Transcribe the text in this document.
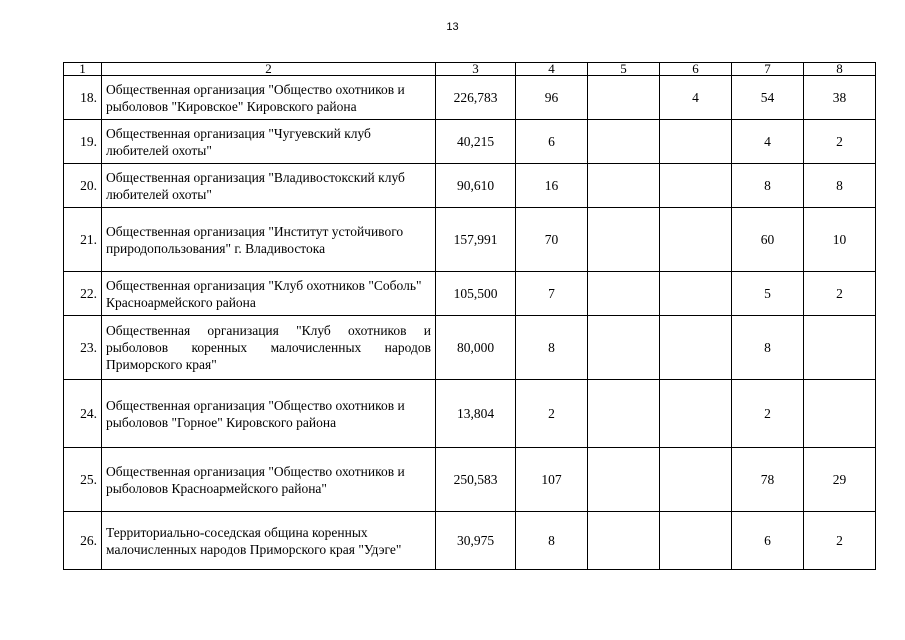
13
1	2	3	4	5	6	7	8
18.	Общественная организация "Общество охотников и рыболовов "Кировское" Кировского района	226,783	96		4	54	38
19.	Общественная организация "Чугуевский клуб любителей охоты"	40,215	6			4	2
20.	Общественная организация "Владивостокский клуб любителей охоты"	90,610	16			8	8
21.	Общественная организация "Институт устойчивого природопользования" г. Владивостока	157,991	70			60	10
22.	Общественная организация "Клуб охотников "Соболь" Красноармейского района	105,500	7			5	2
23.	Общественная организация "Клуб охотников и рыболовов коренных малочисленных народов Приморского края"	80,000	8			8	
24.	Общественная организация "Общество охотников и рыболовов "Горное" Кировского района	13,804	2			2	
25.	Общественная организация "Общество охотников и рыболовов Красноармейского района"	250,583	107			78	29
26.	Территориально-соседская община коренных малочисленных народов Приморского края "Удэге"	30,975	8			6	2
